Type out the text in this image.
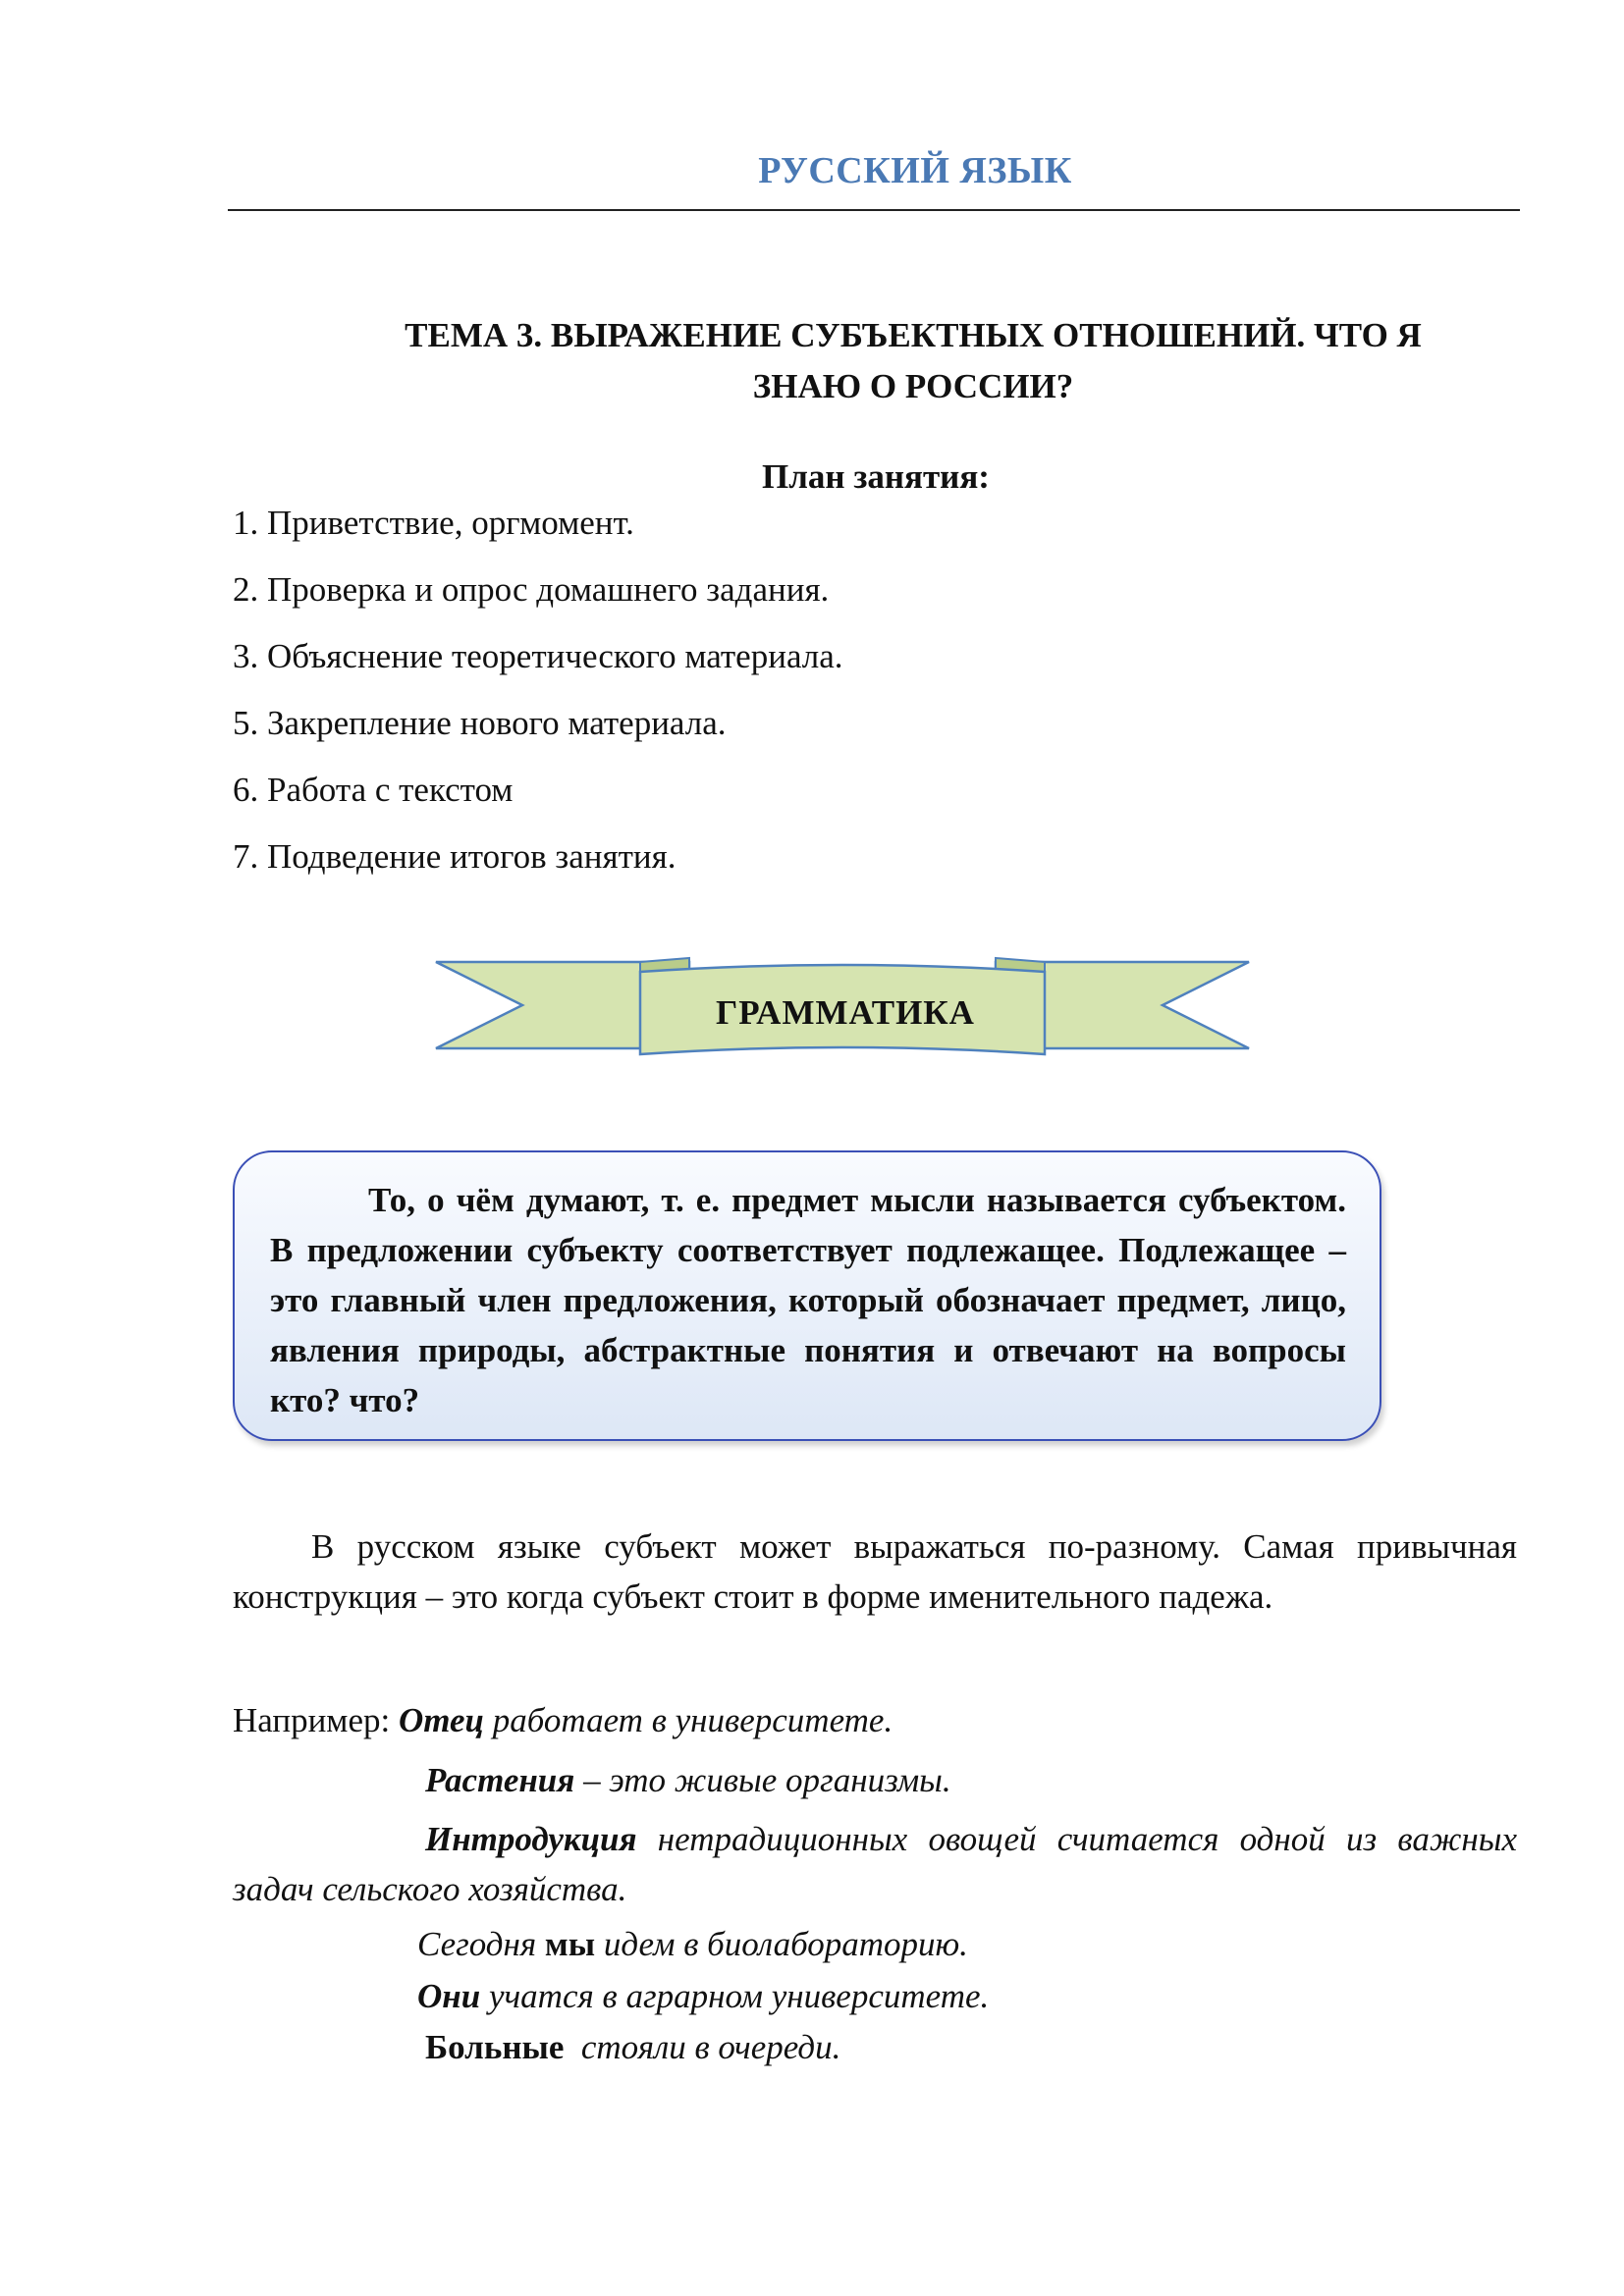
РУССКИЙ ЯЗЫК
ТЕМА 3. ВЫРАЖЕНИЕ СУБЪЕКТНЫХ ОТНОШЕНИЙ. ЧТО Я
ЗНАЮ О РОССИИ?
План занятия:
1. Приветствие, оргмомент.
2. Проверка и опрос домашнего задания.
3. Объяснение теоретического материала.
5. Закрепление нового материала.
6. Работа с текстом
7. Подведение итогов занятия.
ГРАММАТИКА

То, о чём думают, т. е. предмет мысли называется субъектом. В предложении субъекту соответствует подлежащее. Подлежащее – это главный член предложения, который обозначает предмет, лицо, явления природы, абстрактные понятия и отвечают на вопросы кто? что?

В русском языке субъект может выражаться по-разному. Самая привычная конструкция – это когда субъект стоит в форме именительного падежа.

Например: Отец работает в университете.

Растения – это живые организмы.

Интродукция нетрадиционных овощей считается одной из важных задач сельского хозяйства.

Сегодня мы идем в биолабораторию.

Они учатся в аграрном университете.

Больные  стояли в очереди.
